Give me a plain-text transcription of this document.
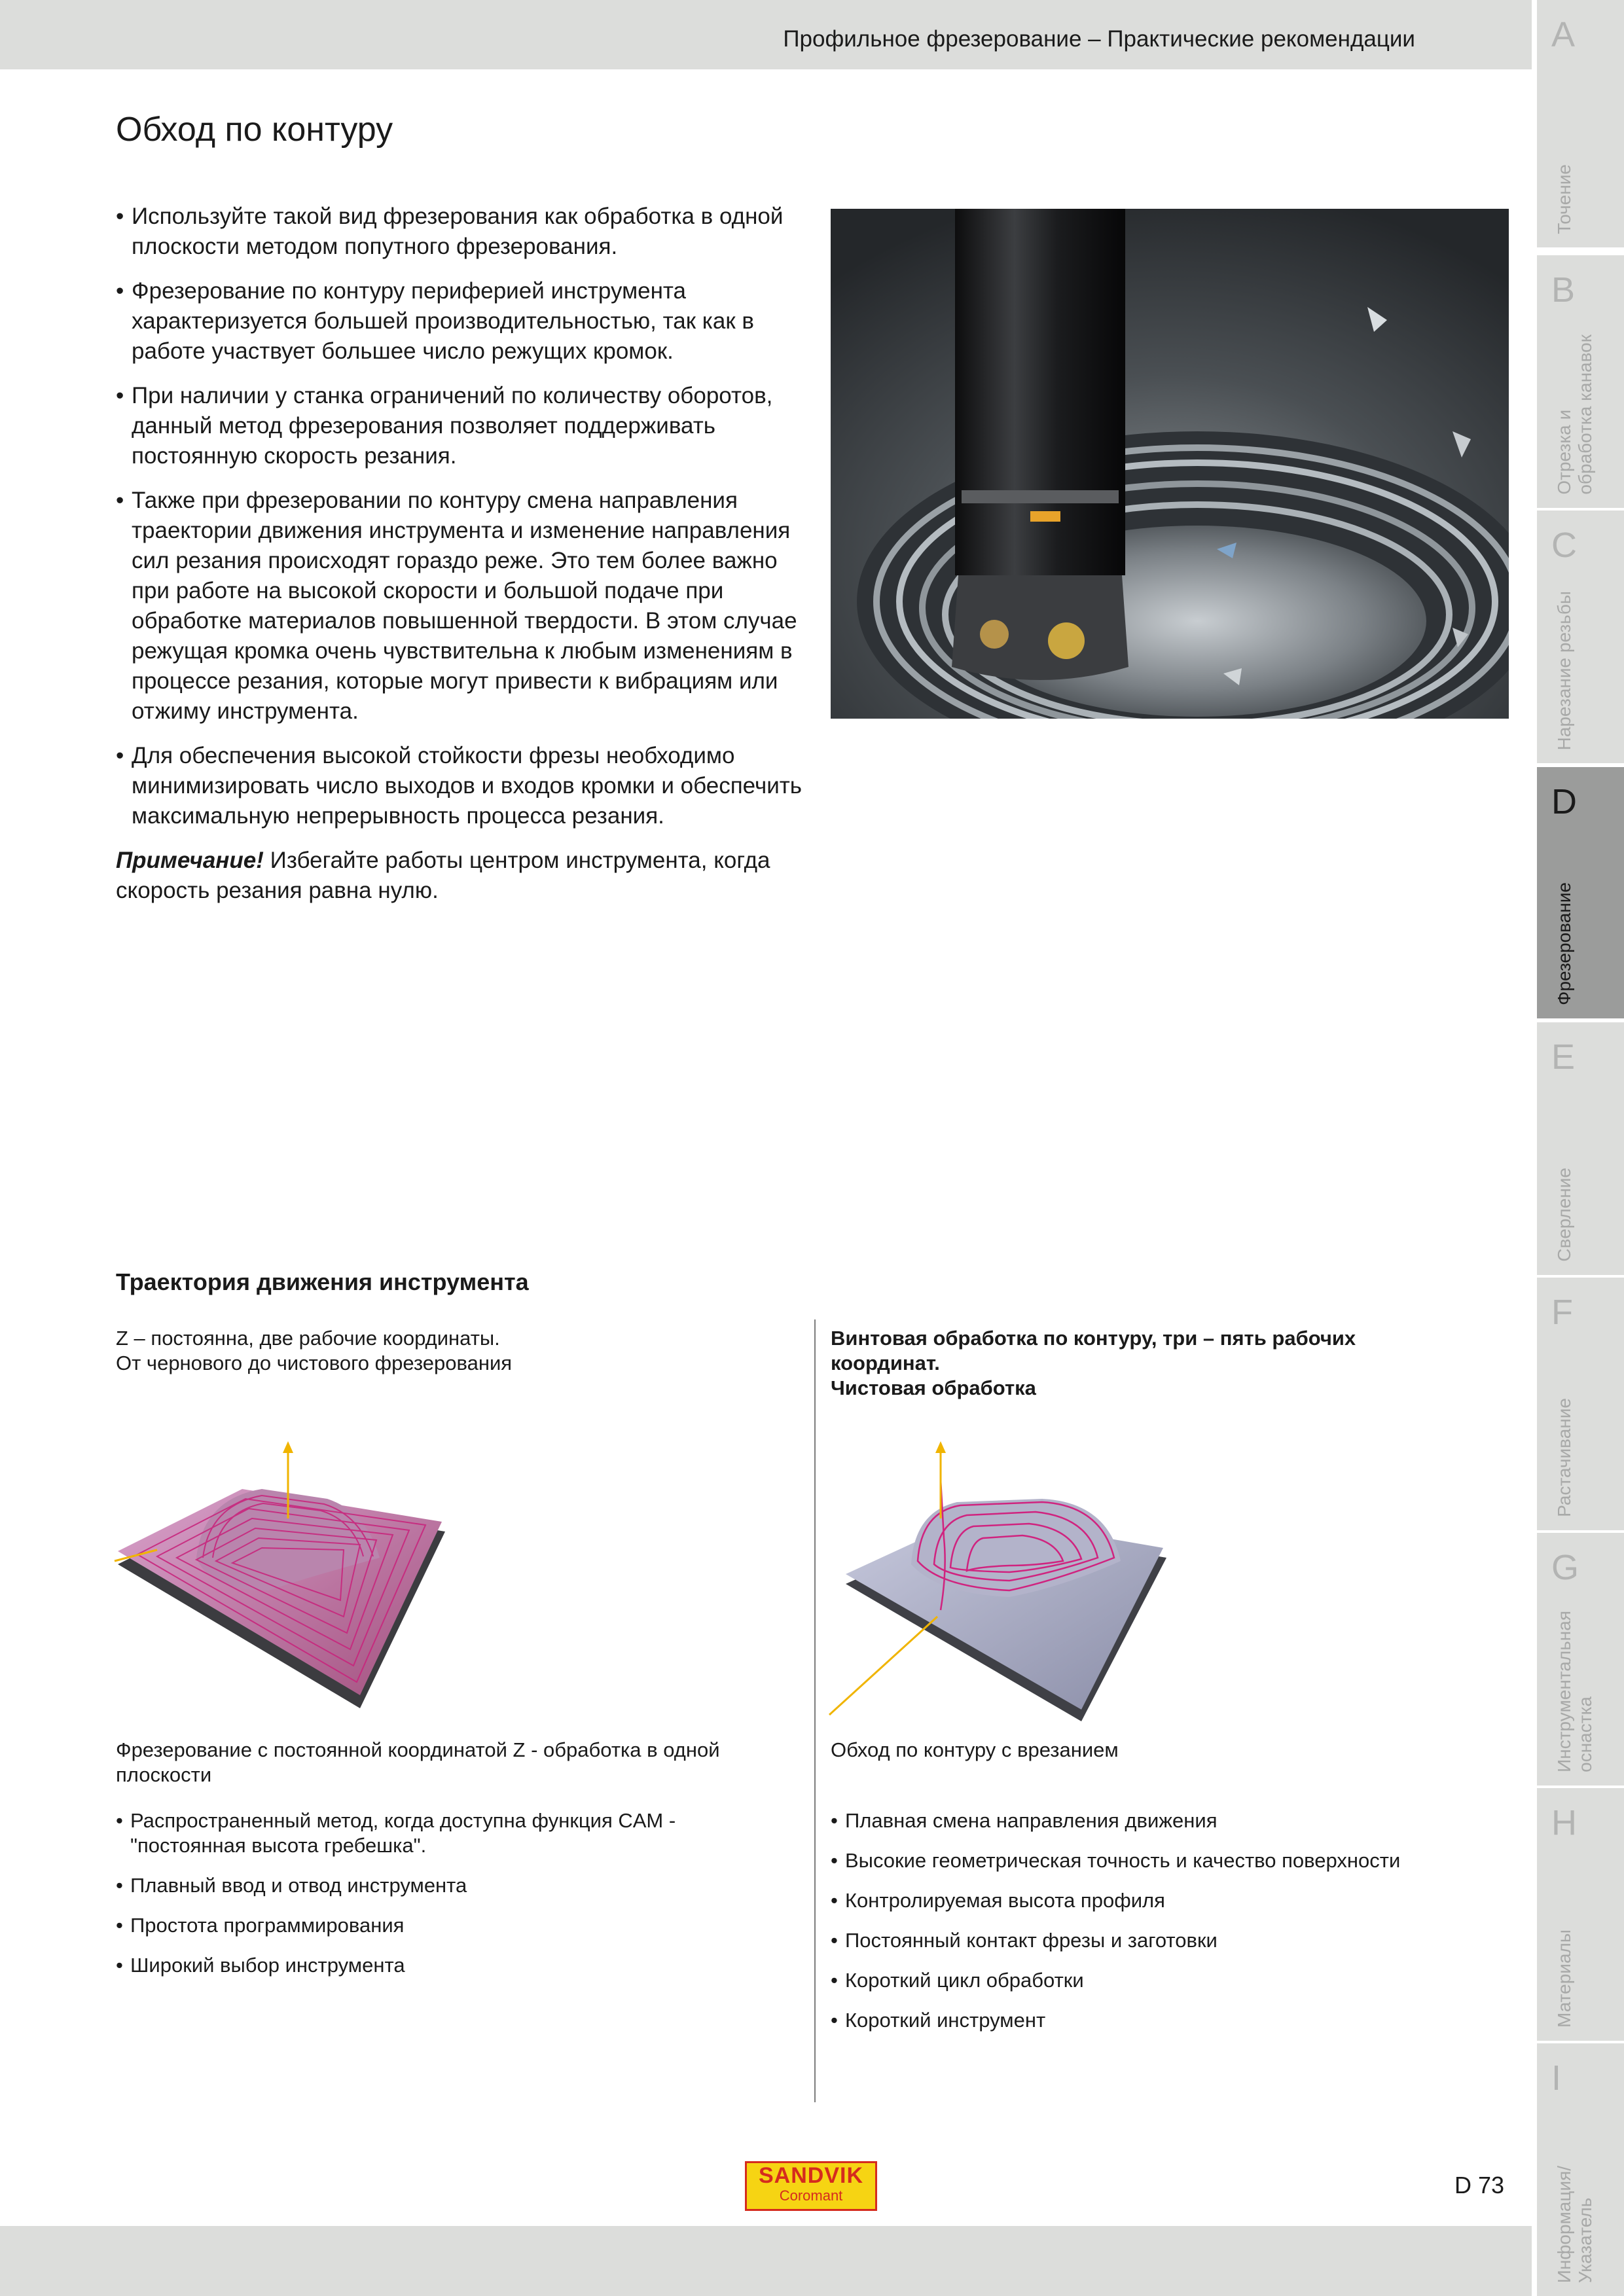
Профильное фрезерование – Практические рекомендации	A
Точение
B
Отрезка и
обработка канавок
C
Нарезание резьбы
D
Фрезерование
E
Сверление
F
Растачивание
G
Инструментальная
оснастка
H
Материалы
I
Информация/
Указатель
Обход по контуру
• Используйте такой вид фрезерования как обработка в одной плоскости методом попутного фрезерования.
• Фрезерование по контуру периферией инструмента характеризуется большей производительностью, так как в работе участвует большее число режущих кромок.
• При наличии у станка ограничений по количеству оборотов, данный метод фрезерования позволяет поддерживать постоянную скорость резания.
• Также при фрезеровании по контуру смена направления траектории движения инструмента и изменение направления сил резания происходят гораздо реже. Это тем более важно при работе на высокой скорости и большой подаче при обработке материалов повышенной твердости. В этом случае режущая кромка очень чувствительна к любым изменениям в процессе резания, которые могут привести к вибрациям или отжиму инструмента.
• Для обеспечения высокой стойкости фрезы необходимо минимизировать число выходов и входов кромки и обеспечить максимальную непрерывность процесса резания.

Примечание! Избегайте работы центром инструмента, когда скорость резания равна нулю.

Траектория движения инструмента
Z – постоянна, две рабочие координаты.
От чернового до чистового фрезерования
Винтовая обработка по контуру, три – пять рабочих
координат.
Чистовая обработка
Фрезерование с постоянной координатой Z - обработка в одной плоскости
Обход по контуру с врезанием
• Распространенный метод, когда доступна функция CAM - "постоянная высота гребешка".
• Плавный ввод и отвод инструмента
• Простота программирования
• Широкий выбор инструмента
• Плавная смена направления движения
• Высокие геометрическая точность и качество поверхности
• Контролируемая высота профиля
• Постоянный контакт фрезы и заготовки
• Короткий цикл обработки
• Короткий инструмент
SANDVIK
Coromant	D 73
